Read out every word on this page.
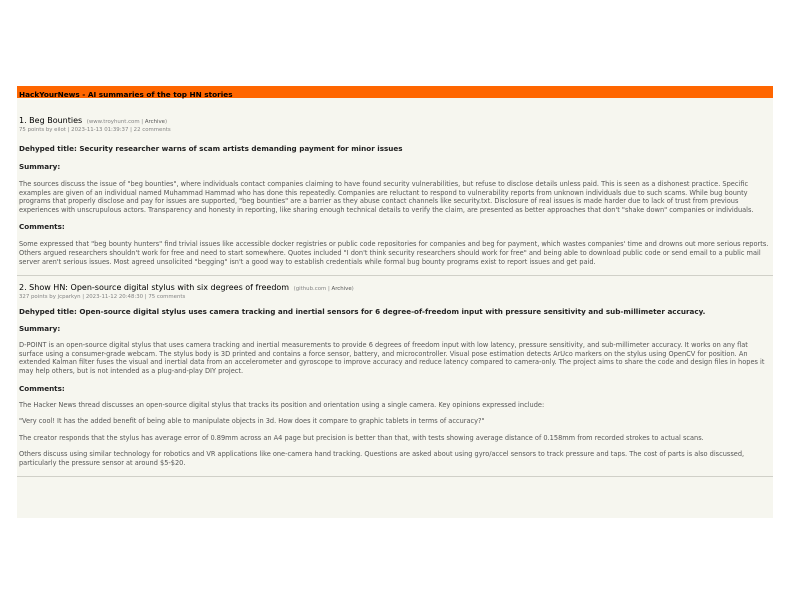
HackYourNews - AI summaries of the top HN stories
1. Beg Bounties (www.troyhunt.com | Archive)
75 points by eilot | 2023-11-13 01:39:37 | 22 comments
Dehyped title: Security researcher warns of scam artists demanding payment for minor issues
Summary:

The sources discuss the issue of "beg bounties", where individuals contact companies claiming to have found security vulnerabilities, but refuse to disclose details unless paid. This is seen as a dishonest practice. Specific examples are given of an individual named Muhammad Hammad who has done this repeatedly. Companies are reluctant to respond to vulnerability reports from unknown individuals due to such scams. While bug bounty programs that properly disclose and pay for issues are supported, "beg bounties" are a barrier as they abuse contact channels like security.txt. Disclosure of real issues is made harder due to lack of trust from previous experiences with unscrupulous actors. Transparency and honesty in reporting, like sharing enough technical details to verify the claim, are presented as better approaches that don't "shake down" companies or individuals.

Comments:

Some expressed that "beg bounty hunters" find trivial issues like accessible docker registries or public code repositories for companies and beg for payment, which wastes companies' time and drowns out more serious reports. Others argued researchers shouldn't work for free and need to start somewhere. Quotes included "I don't think security researchers should work for free" and being able to download public code or send email to a public mail server aren't serious issues. Most agreed unsolicited "begging" isn't a good way to establish credentials while formal bug bounty programs exist to report issues and get paid.

2. Show HN: Open-source digital stylus with six degrees of freedom (github.com | Archive)
327 points by jcparkyn | 2023-11-12 20:48:30 | 75 comments
Dehyped title: Open-source digital stylus uses camera tracking and inertial sensors for 6 degree-of-freedom input with pressure sensitivity and sub-millimeter accuracy.
Summary:

D-POINT is an open-source digital stylus that uses camera tracking and inertial measurements to provide 6 degrees of freedom input with low latency, pressure sensitivity, and sub-millimeter accuracy. It works on any flat surface using a consumer-grade webcam. The stylus body is 3D printed and contains a force sensor, battery, and microcontroller. Visual pose estimation detects ArUco markers on the stylus using OpenCV for position. An extended Kalman filter fuses the visual and inertial data from an accelerometer and gyroscope to improve accuracy and reduce latency compared to camera-only. The project aims to share the code and design files in hopes it may help others, but is not intended as a plug-and-play DIY project.

Comments:

The Hacker News thread discusses an open-source digital stylus that tracks its position and orientation using a single camera. Key opinions expressed include:

"Very cool! It has the added benefit of being able to manipulate objects in 3d. How does it compare to graphic tablets in terms of accuracy?"

The creator responds that the stylus has average error of 0.89mm across an A4 page but precision is better than that, with tests showing average distance of 0.158mm from recorded strokes to actual scans.

Others discuss using similar technology for robotics and VR applications like one-camera hand tracking. Questions are asked about using gyro/accel sensors to track pressure and taps. The cost of parts is also discussed, particularly the pressure sensor at around $5-$20.
